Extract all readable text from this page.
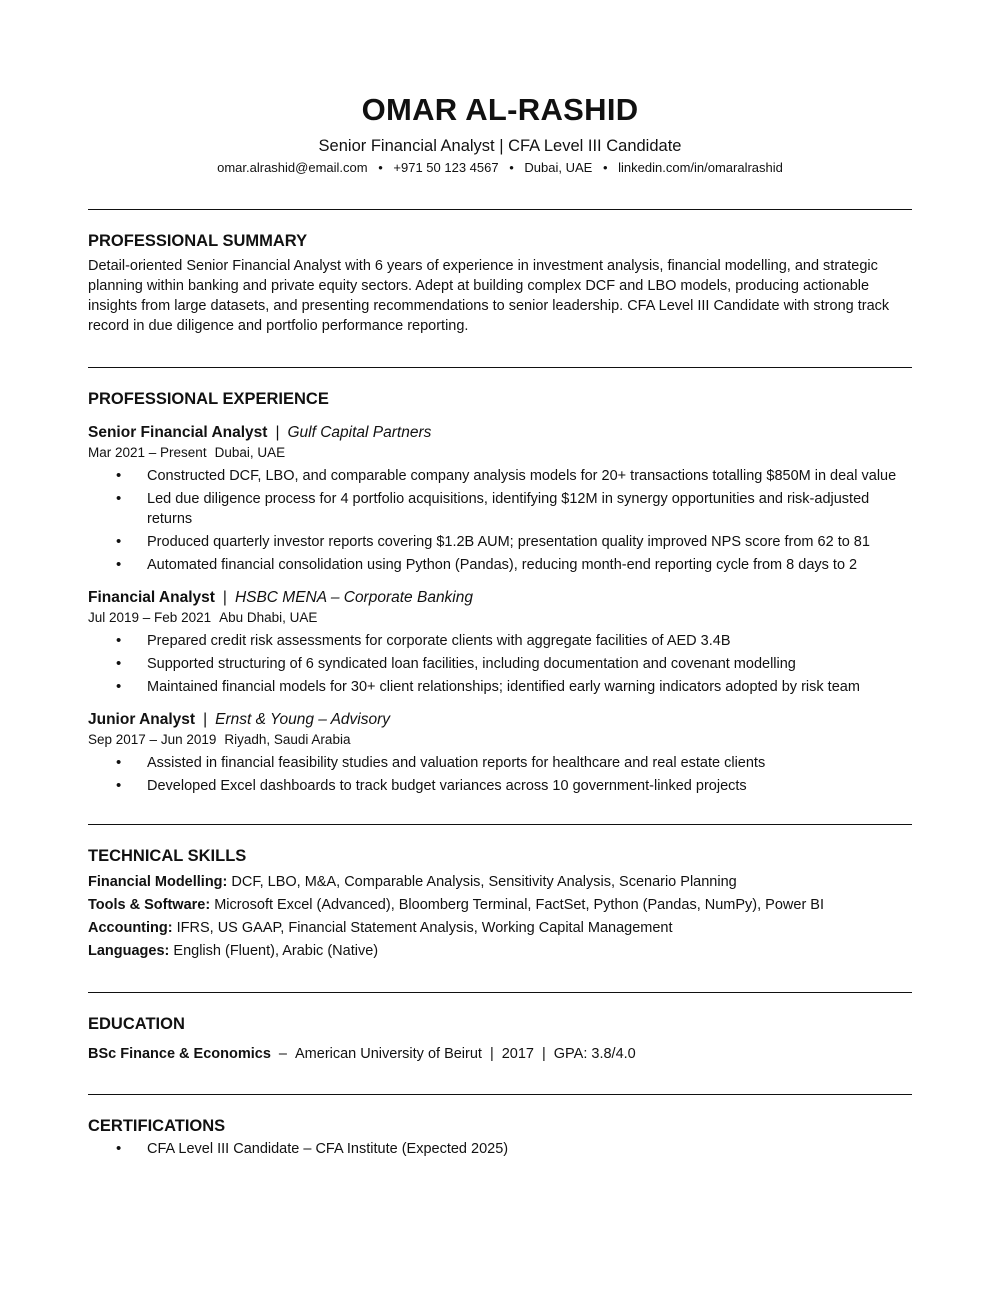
OMAR AL-RASHID
Senior Financial Analyst | CFA Level III Candidate
omar.alrashid@email.com • +971 50 123 4567 • Dubai, UAE • linkedin.com/in/omaralrashid
PROFESSIONAL SUMMARY
Detail-oriented Senior Financial Analyst with 6 years of experience in investment analysis, financial modelling, and strategic planning within banking and private equity sectors. Adept at building complex DCF and LBO models, producing actionable insights from large datasets, and presenting recommendations to senior leadership. CFA Level III Candidate with strong track record in due diligence and portfolio performance reporting.
PROFESSIONAL EXPERIENCE
Senior Financial Analyst | Gulf Capital Partners
Mar 2021 – Present Dubai, UAE
• Constructed DCF, LBO, and comparable company analysis models for 20+ transactions totalling $850M in deal value
• Led due diligence process for 4 portfolio acquisitions, identifying $12M in synergy opportunities and risk-adjusted returns
• Produced quarterly investor reports covering $1.2B AUM; presentation quality improved NPS score from 62 to 81
• Automated financial consolidation using Python (Pandas), reducing month-end reporting cycle from 8 days to 2
Financial Analyst | HSBC MENA – Corporate Banking
Jul 2019 – Feb 2021 Abu Dhabi, UAE
• Prepared credit risk assessments for corporate clients with aggregate facilities of AED 3.4B
• Supported structuring of 6 syndicated loan facilities, including documentation and covenant modelling
• Maintained financial models for 30+ client relationships; identified early warning indicators adopted by risk team
Junior Analyst | Ernst & Young – Advisory
Sep 2017 – Jun 2019 Riyadh, Saudi Arabia
• Assisted in financial feasibility studies and valuation reports for healthcare and real estate clients
• Developed Excel dashboards to track budget variances across 10 government-linked projects
TECHNICAL SKILLS
Financial Modelling: DCF, LBO, M&A, Comparable Analysis, Sensitivity Analysis, Scenario Planning
Tools & Software: Microsoft Excel (Advanced), Bloomberg Terminal, FactSet, Python (Pandas, NumPy), Power BI
Accounting: IFRS, US GAAP, Financial Statement Analysis, Working Capital Management
Languages: English (Fluent), Arabic (Native)
EDUCATION
BSc Finance & Economics – American University of Beirut | 2017 | GPA: 3.8/4.0
CERTIFICATIONS
• CFA Level III Candidate – CFA Institute (Expected 2025)
